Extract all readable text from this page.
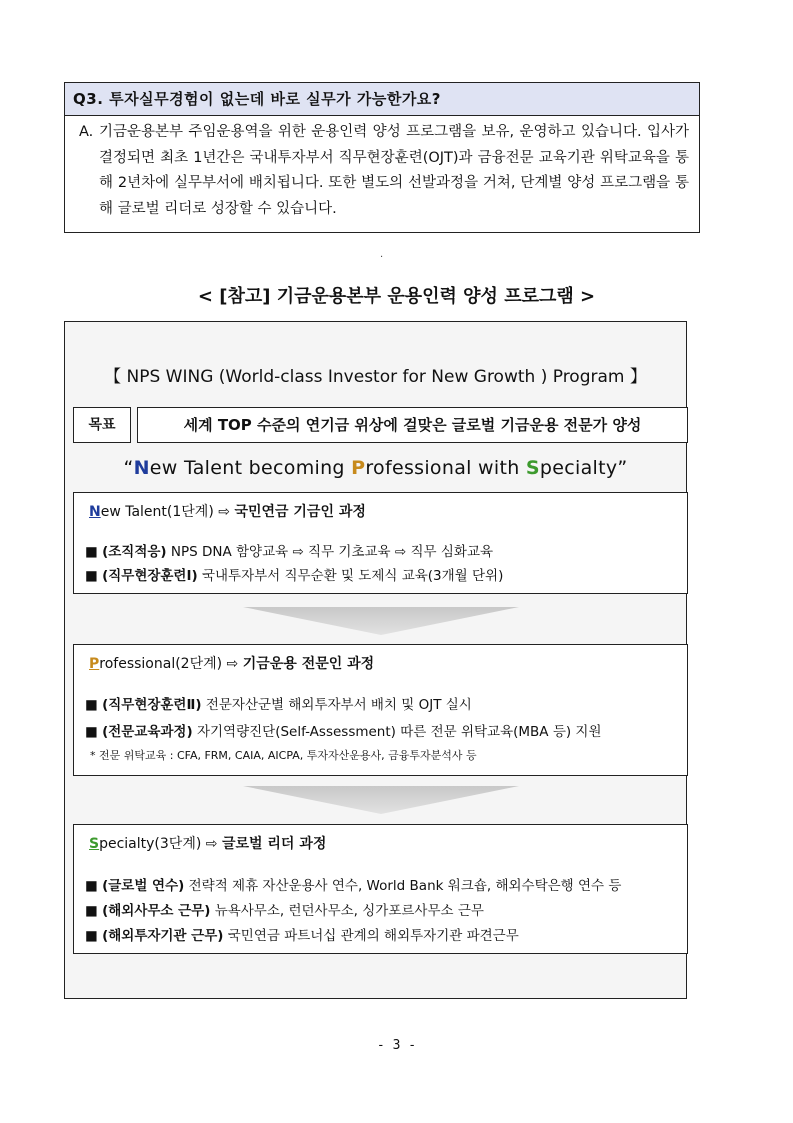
Q3. 투자실무경험이 없는데 바로 실무가 가능한가요?
A. 기금운용본부 주임운용역을 위한 운용인력 양성 프로그램을 보유, 운영하고 있습니다. 입사가 결정되면 최초 1년간은 국내투자부서 직무현장훈련(OJT)과 금융전문 교육기관 위탁교육을 통해 2년차에 실무부서에 배치됩니다. 또한 별도의 선발과정을 거쳐, 단계별 양성 프로그램을 통해 글로벌 리더로 성장할 수 있습니다.
·
< [참고] 기금운용본부 운용인력 양성 프로그램 >
【 NPS WING (World-class Investor for New Growth ) Program 】
목표	세계 TOP 수준의 연기금 위상에 걸맞은 글로벌 기금운용 전문가 양성
“New Talent becoming Professional with Specialty”
New Talent(1단계) ⇨ 국민연금 기금인 과정
■ (조직적응) NPS DNA 함양교육 ⇨ 직무 기초교육 ⇨ 직무 심화교육
■ (직무현장훈련Ⅰ) 국내투자부서 직무순환 및 도제식 교육(3개월 단위)
Professional(2단계) ⇨ 기금운용 전문인 과정
■ (직무현장훈련Ⅱ) 전문자산군별 해외투자부서 배치 및 OJT 실시
■ (전문교육과정) 자기역량진단(Self-Assessment) 따른 전문 위탁교육(MBA 등) 지원
* 전문 위탁교육 : CFA, FRM, CAIA, AICPA, 투자자산운용사, 금융투자분석사 등
Specialty(3단계) ⇨ 글로벌 리더 과정
■ (글로벌 연수) 전략적 제휴 자산운용사 연수, World Bank 워크숍, 해외수탁은행 연수 등
■ (해외사무소 근무) 뉴욕사무소, 런던사무소, 싱가포르사무소 근무
■ (해외투자기관 근무) 국민연금 파트너십 관계의 해외투자기관 파견근무
- 3 -
